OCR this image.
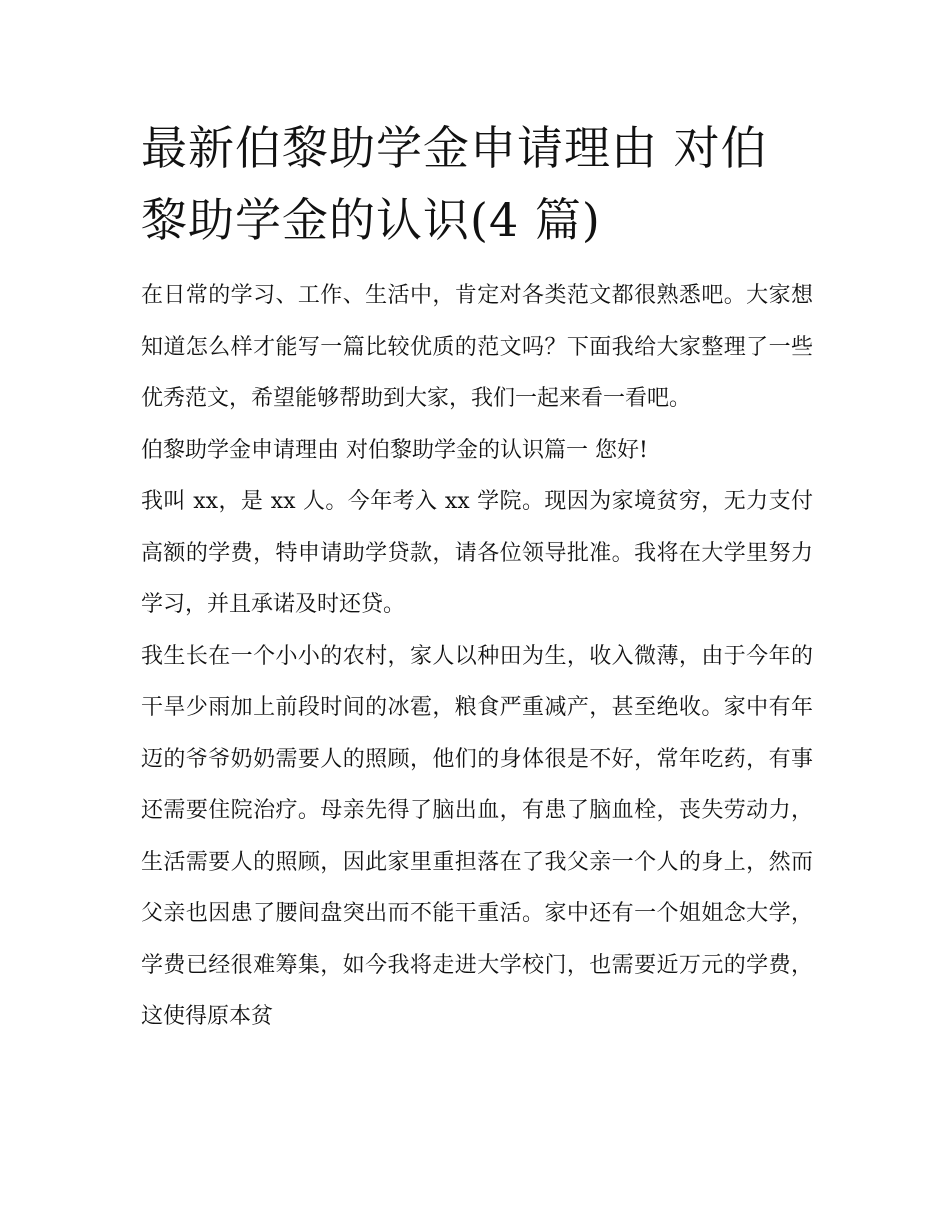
最新伯黎助学金申请理由 对伯黎助学金的认识(4 篇)

在日常的学习、工作、生活中，肯定对各类范文都很熟悉吧。大家想知道怎么样才能写一篇比较优质的范文吗？下面我给大家整理了一些优秀范文，希望能够帮助到大家，我们一起来看一看吧。

伯黎助学金申请理由 对伯黎助学金的认识篇一 您好!

我叫 xx，是 xx 人。今年考入 xx 学院。现因为家境贫穷，无力支付高额的学费，特申请助学贷款，请各位领导批准。我将在大学里努力学习，并且承诺及时还贷。

我生长在一个小小的农村，家人以种田为生，收入微薄，由于今年的干旱少雨加上前段时间的冰雹，粮食严重减产，甚至绝收。家中有年迈的爷爷奶奶需要人的照顾，他们的身体很是不好，常年吃药，有事还需要住院治疗。母亲先得了脑出血，有患了脑血栓，丧失劳动力，生活需要人的照顾，因此家里重担落在了我父亲一个人的身上，然而父亲也因患了腰间盘突出而不能干重活。家中还有一个姐姐念大学，学费已经很难筹集，如今我将走进大学校门，也需要近万元的学费，这使得原本贫
